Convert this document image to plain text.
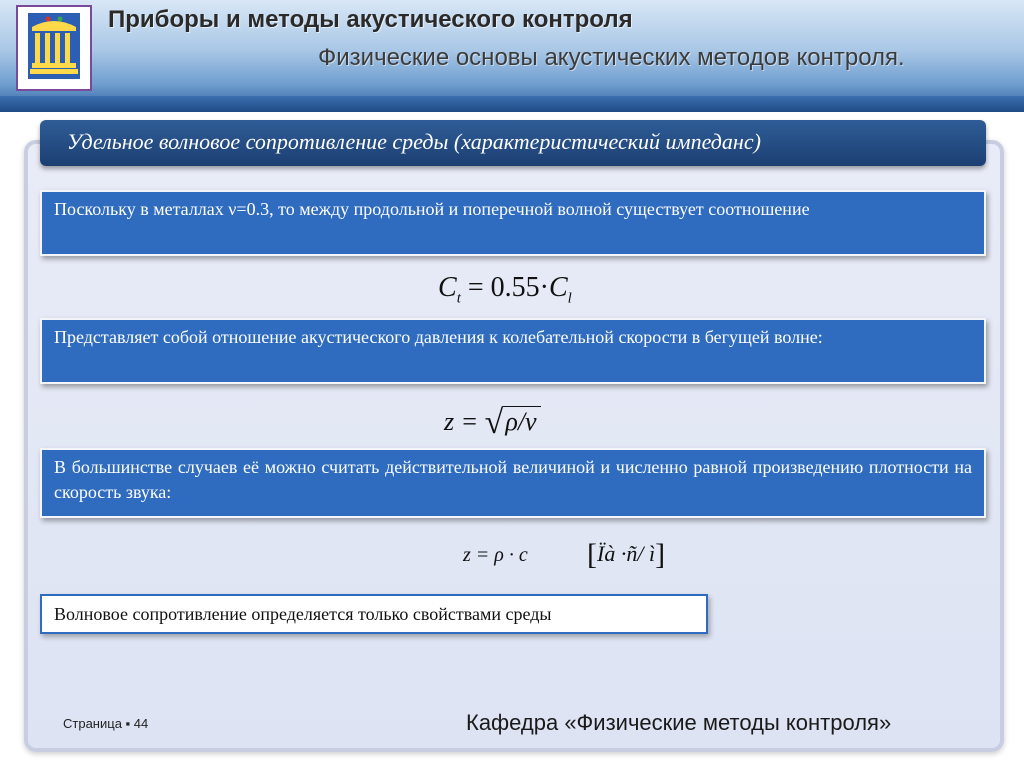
Приборы и методы акустического контроля
Физические основы акустических методов контроля.
Удельное волновое сопротивление среды (характеристический импеданс)
Поскольку в металлах ν=0.3, то между продольной и поперечной волной существует соотношение
$C_t = 0.55\cdot C_l$
Представляет собой отношение акустического давления к колебательной скорости в бегущей волне:
z = √ρ/ν
В большинстве случаев её можно считать действительной величиной и численно равной произведению плотности на скорость звука:
z = ρ · c [Ïà ·ñ/ ì]
Волновое сопротивление определяется только свойствами среды
Страница ▪ 44	Кафедра «Физические методы контроля»
